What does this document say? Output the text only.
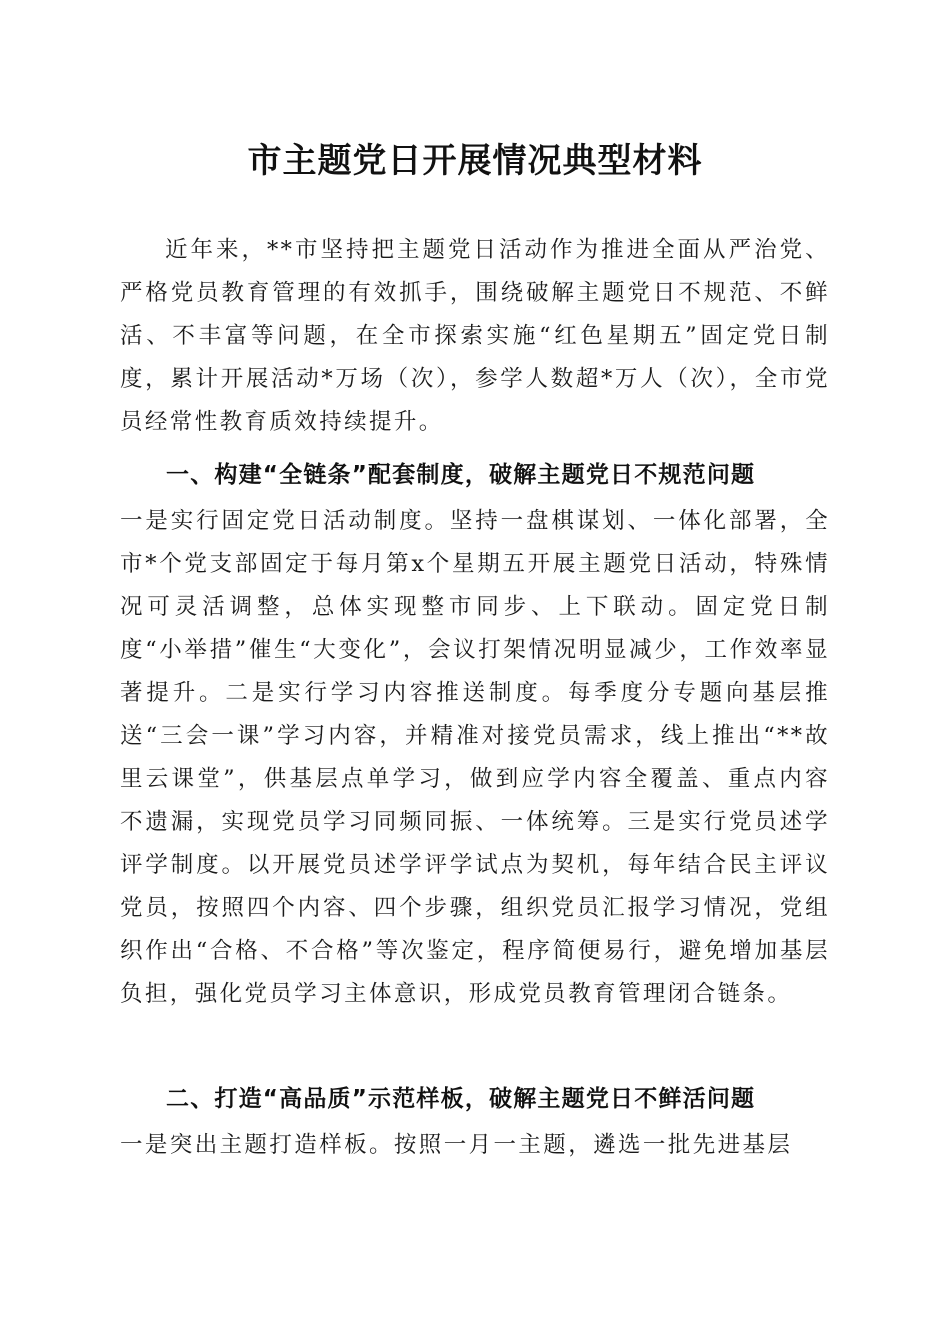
市主题党日开展情况典型材料

近年来，**市坚持把主题党日活动作为推进全面从严治党、严格党员教育管理的有效抓手，围绕破解主题党日不规范、不鲜活、不丰富等问题，在全市探索实施“红色星期五”固定党日制度，累计开展活动*万场（次），参学人数超*万人（次），全市党员经常性教育质效持续提升。

一、构建“全链条”配套制度，破解主题党日不规范问题

一是实行固定党日活动制度。坚持一盘棋谋划、一体化部署，全市*个党支部固定于每月第x个星期五开展主题党日活动，特殊情况可灵活调整，总体实现整市同步、上下联动。固定党日制度“小举措”催生“大变化”，会议打架情况明显减少，工作效率显著提升。二是实行学习内容推送制度。每季度分专题向基层推送“三会一课”学习内容，并精准对接党员需求，线上推出“**故里云课堂”，供基层点单学习，做到应学内容全覆盖、重点内容不遗漏，实现党员学习同频同振、一体统筹。三是实行党员述学评学制度。以开展党员述学评学试点为契机，每年结合民主评议党员，按照四个内容、四个步骤，组织党员汇报学习情况，党组织作出“合格、不合格”等次鉴定，程序简便易行，避免增加基层负担，强化党员学习主体意识，形成党员教育管理闭合链条。

二、打造“高品质”示范样板，破解主题党日不鲜活问题

一是突出主题打造样板。按照一月一主题，遴选一批先进基层
